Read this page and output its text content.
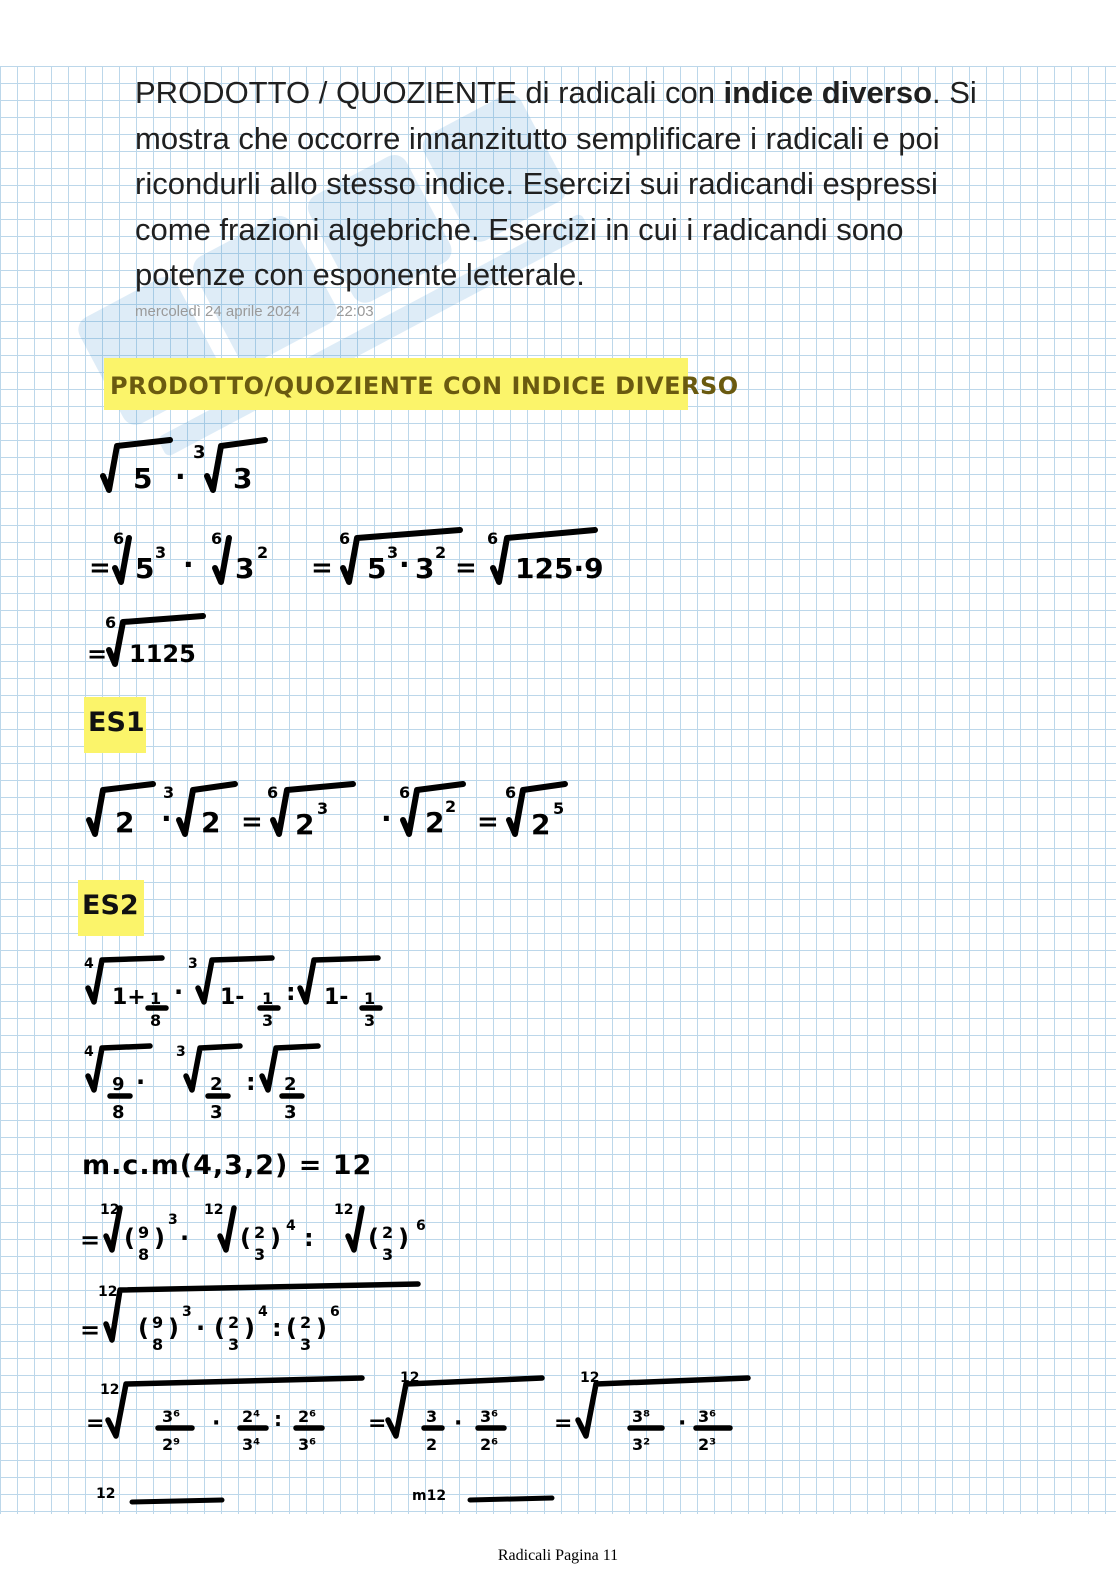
PRODOTTO / QUOZIENTE di radicali con indice diverso. Si mostra che occorre innanzitutto semplificare i radicali e poi ricondurli allo stesso indice. Esercizi sui radicandi espressi come frazioni algebriche. Esercizi in cui i radicandi sono potenze con esponente letterale.
mercoledì 24 aprile 2024 22:03
PRODOTTO/QUOZIENTE CON INDICE DIVERSO
5 ·
3
3
=
6
5 3 ·
6
3 2
=
6
5 3 · 3 2
=
6
125·9
=
6
1125
ES1
2
3
· 2 =
6
2 3 ·
6
2 2
=
6
2 5
ES2
4
1+ 1
8
·
3
1- 1
3
: 1- 1
3
4
9
8
·
3
2
3
: 2
3
m.c.m(4,3,2) = 12
=
12
( 9
8
)
3
·
12
( 2
3
) 4 :
12
( 2
3
) 6
=
12
( 9
8
)
3
· ( 2
3
)
4
: ( 2
3
)
6
=
12
3⁶
2⁹
· 2⁴
3⁴
: 2⁶
3⁶
=
12
3
2
· 3⁶
2⁶
=
12
3⁸
3²
· 3⁶
2³
12	m12
Radicali Pagina 11
